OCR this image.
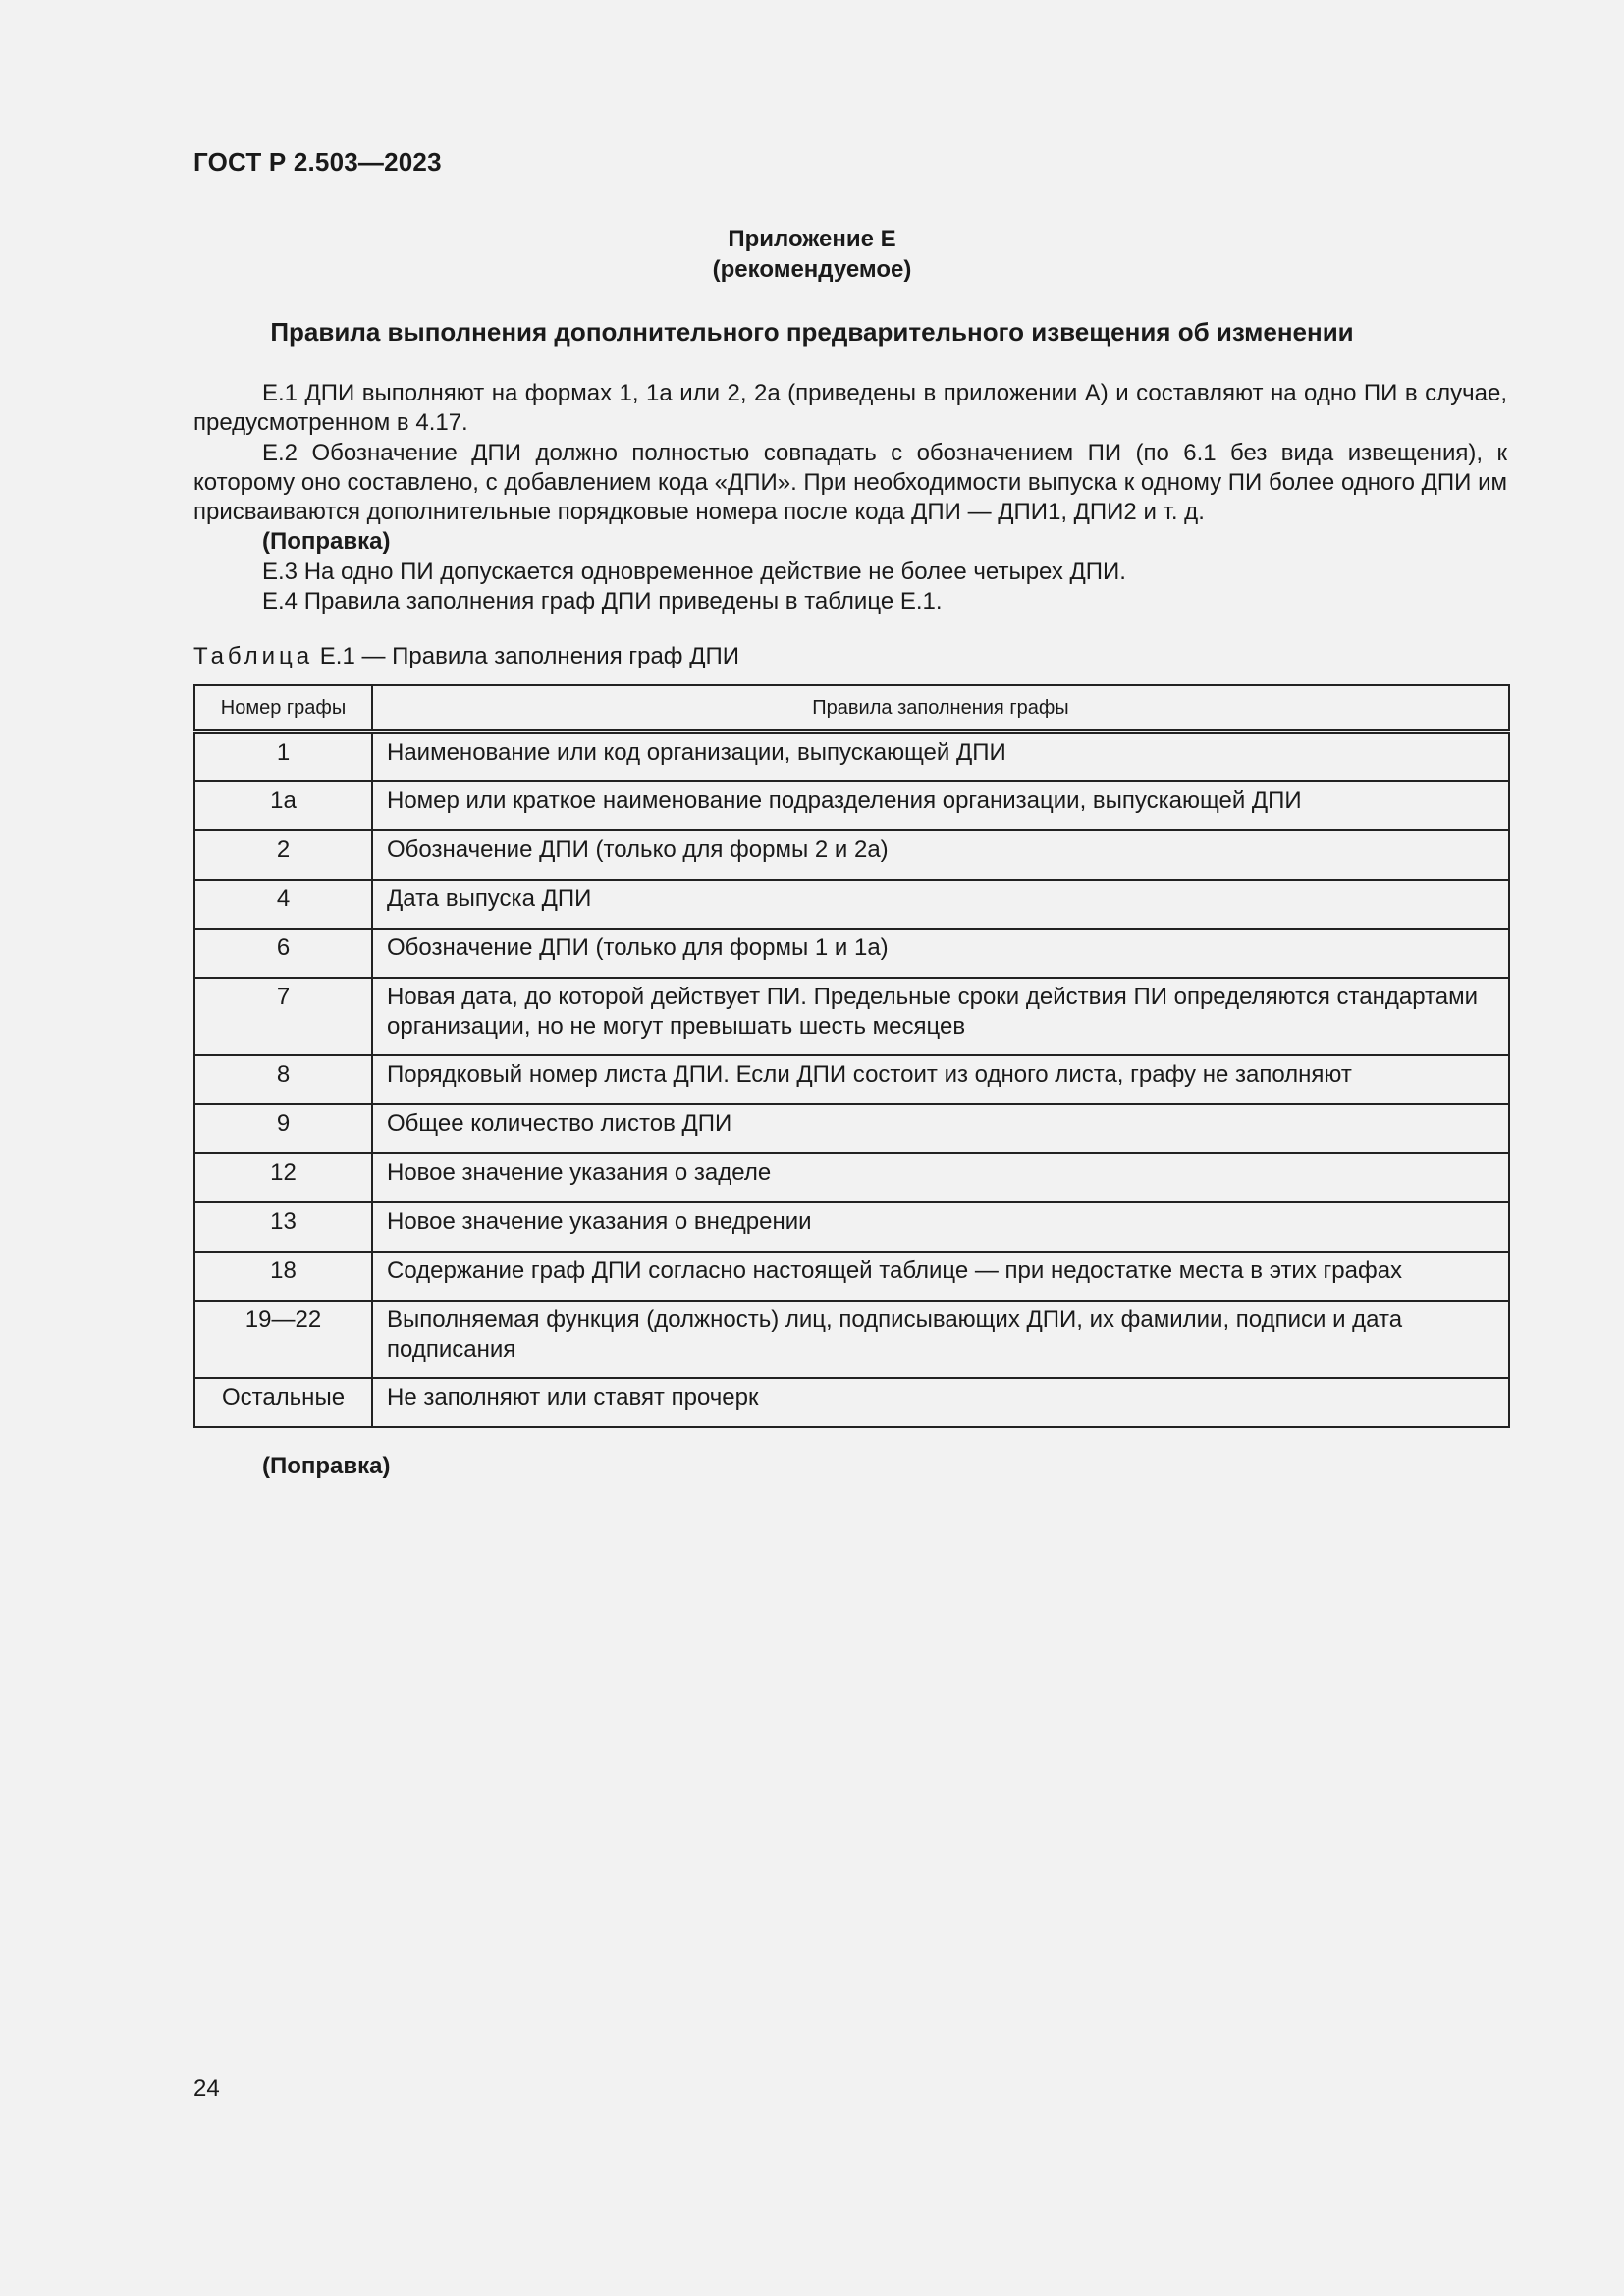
ГОСТ Р 2.503—2023
Приложение Е
(рекомендуемое)
Правила выполнения дополнительного предварительного извещения об изменении

Е.1 ДПИ выполняют на формах 1, 1а или 2, 2а (приведены в приложении А) и составляют на одно ПИ в случае, предусмотренном в 4.17.

Е.2 Обозначение ДПИ должно полностью совпадать с обозначением ПИ (по 6.1 без вида извещения), к которому оно составлено, с добавлением кода «ДПИ». При необходимости выпуска к одному ПИ более одного ДПИ им присваиваются дополнительные порядковые номера после кода ДПИ — ДПИ1, ДПИ2 и т. д.

(Поправка)

Е.3 На одно ПИ допускается одновременное действие не более четырех ДПИ.

Е.4 Правила заполнения граф ДПИ приведены в таблице Е.1.

Таблица Е.1 — Правила заполнения граф ДПИ
Номер графы	Правила заполнения графы
1	Наименование или код организации, выпускающей ДПИ
1а	Номер или краткое наименование подразделения организации, выпускающей ДПИ
2	Обозначение ДПИ (только для формы 2 и 2а)
4	Дата выпуска ДПИ
6	Обозначение ДПИ (только для формы 1 и 1а)
7	Новая дата, до которой действует ПИ. Предельные сроки действия ПИ определяются стандартами организации, но не могут превышать шесть месяцев
8	Порядковый номер листа ДПИ. Если ДПИ состоит из одного листа, графу не заполняют
9	Общее количество листов ДПИ
12	Новое значение указания о заделе
13	Новое значение указания о внедрении
18	Содержание граф ДПИ согласно настоящей таблице — при недостатке места в этих графах
19—22	Выполняемая функция (должность) лиц, подписывающих ДПИ, их фамилии, подписи и дата подписания
Остальные	Не заполняют или ставят прочерк
(Поправка)
24
